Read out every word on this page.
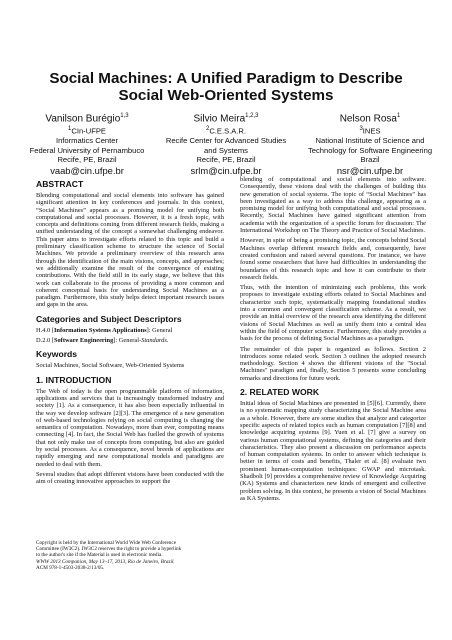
Social Machines: A Unified Paradigm to Describe
Social Web-Oriented Systems
Vanilson Burégio$^{1,3}$
$^1$CIn-UFPE
Informatics Center
Federal University of Pernambuco
Recife, PE, Brazil
vaab@cin.ufpe.br
Silvio Meira$^{1,2,3}$
$^2$C.E.S.A.R.
Recife Center for Advanced Studies
and Systems
Recife, PE, Brazil
srlm@cin.ufpe.br
Nelson Rosa$^1$
$^3$INES
National Institute of Science and
Technology for Software Engineering
Brazil
nsr@cin.ufpe.br
ABSTRACT

Blending computational and social elements into software has gained significant attention in key conferences and journals. In this context, “Social Machines” appears as a promising model for unifying both computational and social processes. However, it is a fresh topic, with concepts and definitions coming from different research fields, making a unified understanding of the concept a somewhat challenging endeavor. This paper aims to investigate efforts related to this topic and build a preliminary classification scheme to structure the science of Social Machines. We provide a preliminary overview of this research area through the identification of the main visions, concepts, and approaches; we additionally examine the result of the convergence of existing contributions. With the field still in its early stage, we believe that this work can collaborate to the process of providing a more common and coherent conceptual basis for understanding Social Machines as a paradigm. Furthermore, this study helps detect important research issues and gaps in the area.

Categories and Subject Descriptors

H.4.0 [Information Systems Applications]: General

D.2.0 [Software Engineering]: General-Standards.

Keywords

Social Machines, Social Software, Web-Oriented Systems

1. INTRODUCTION

The Web of today is the open programmable platform of information, applications and services that is increasingly transformed industry and society [1]. As a consequence, it has also been especially influential in the way we develop software [2][3]. The emergence of a new generation of web-based technologies relying on social computing is changing the semantics of computation. Nowadays, more than ever, computing means connecting [4]. In fact, the Social Web has fuelled the growth of systems that not only make use of concepts from computing, but also are guided by social processes. As a consequence, novel breeds of applications are rapidly emerging and new computational models and paradigms are needed to deal with them.

Several studies that adopt different visions have been conducted with the aim of creating innovative approaches to support the

Copyright is held by the International World Wide Web Conference

Committee (IW3C2). IW3C2 reserves the right to provide a hyperlink

to the author's site if the Material is used in electronic media.

WWW 2013 Companion, May 13–17, 2013, Rio de Janeiro, Brazil.

ACM 978-1-4503-2038-2/13/05.

blending of computational and social elements into software. Consequently, these visions deal with the challenges of building this new generation of social systems. The topic of “Social Machines” has been investigated as a way to address this challenge, appearing as a promising model for unifying both computational and social processes. Recently, Social Machines have gained significant attention from academia with the organization of a specific forum for discussion: The International Workshop on The Theory and Practice of Social Machines.

However, in spite of being a promising topic, the concepts behind Social Machines overlap different research fields and, consequently, have created confusion and raised several questions. For instance, we have found some researchers that have had difficulties in understanding the boundaries of this research topic and how it can contribute to their research fields.

Thus, with the intention of minimizing such problems, this work proposes to investigate existing efforts related to Social Machines and characterize such topic, systematically mapping foundational studies into a common and convergent classification scheme. As a result, we provide an initial overview of the research area identifying the different visions of Social Machines as well as unify them into a central idea within the field of computer science. Furthermore, this study provides a basis for the process of defining Social Machines as a paradigm.

The remainder of this paper is organized as follows. Section 2 introduces some related work. Section 3 outlines the adopted research methodology. Section 4 shows the different visions of the "Social Machines" paradigm and, finally, Section 5 presents some concluding remarks and directions for future work.

2. RELATED WORK

Initial ideas of Social Machines are presented in [5][6]. Currently, there is no systematic mapping study characterizing the Social Machine area as a whole. However, there are some studies that analyze and categorize specific aspects of related topics such as human computation [7][8] and knowledge acquiring systems [9]. Yuen et al. [7] give a survey on various human computational systems, defining the categories and their characteristics. They also present a discussion on performance aspects of human computation systems. In order to answer which technique is better in terms of costs and benefits, Thaler et al. [8] evaluate two prominent human-computation techniques: GWAP and microtask. Shadbolt [9] provides a comprehensive review of Knowledge Acquiring (KA) Systems and characterizes new kinds of emergent and collective problem solving. In this context, he presents a vision of Social Machines as KA Systems.
